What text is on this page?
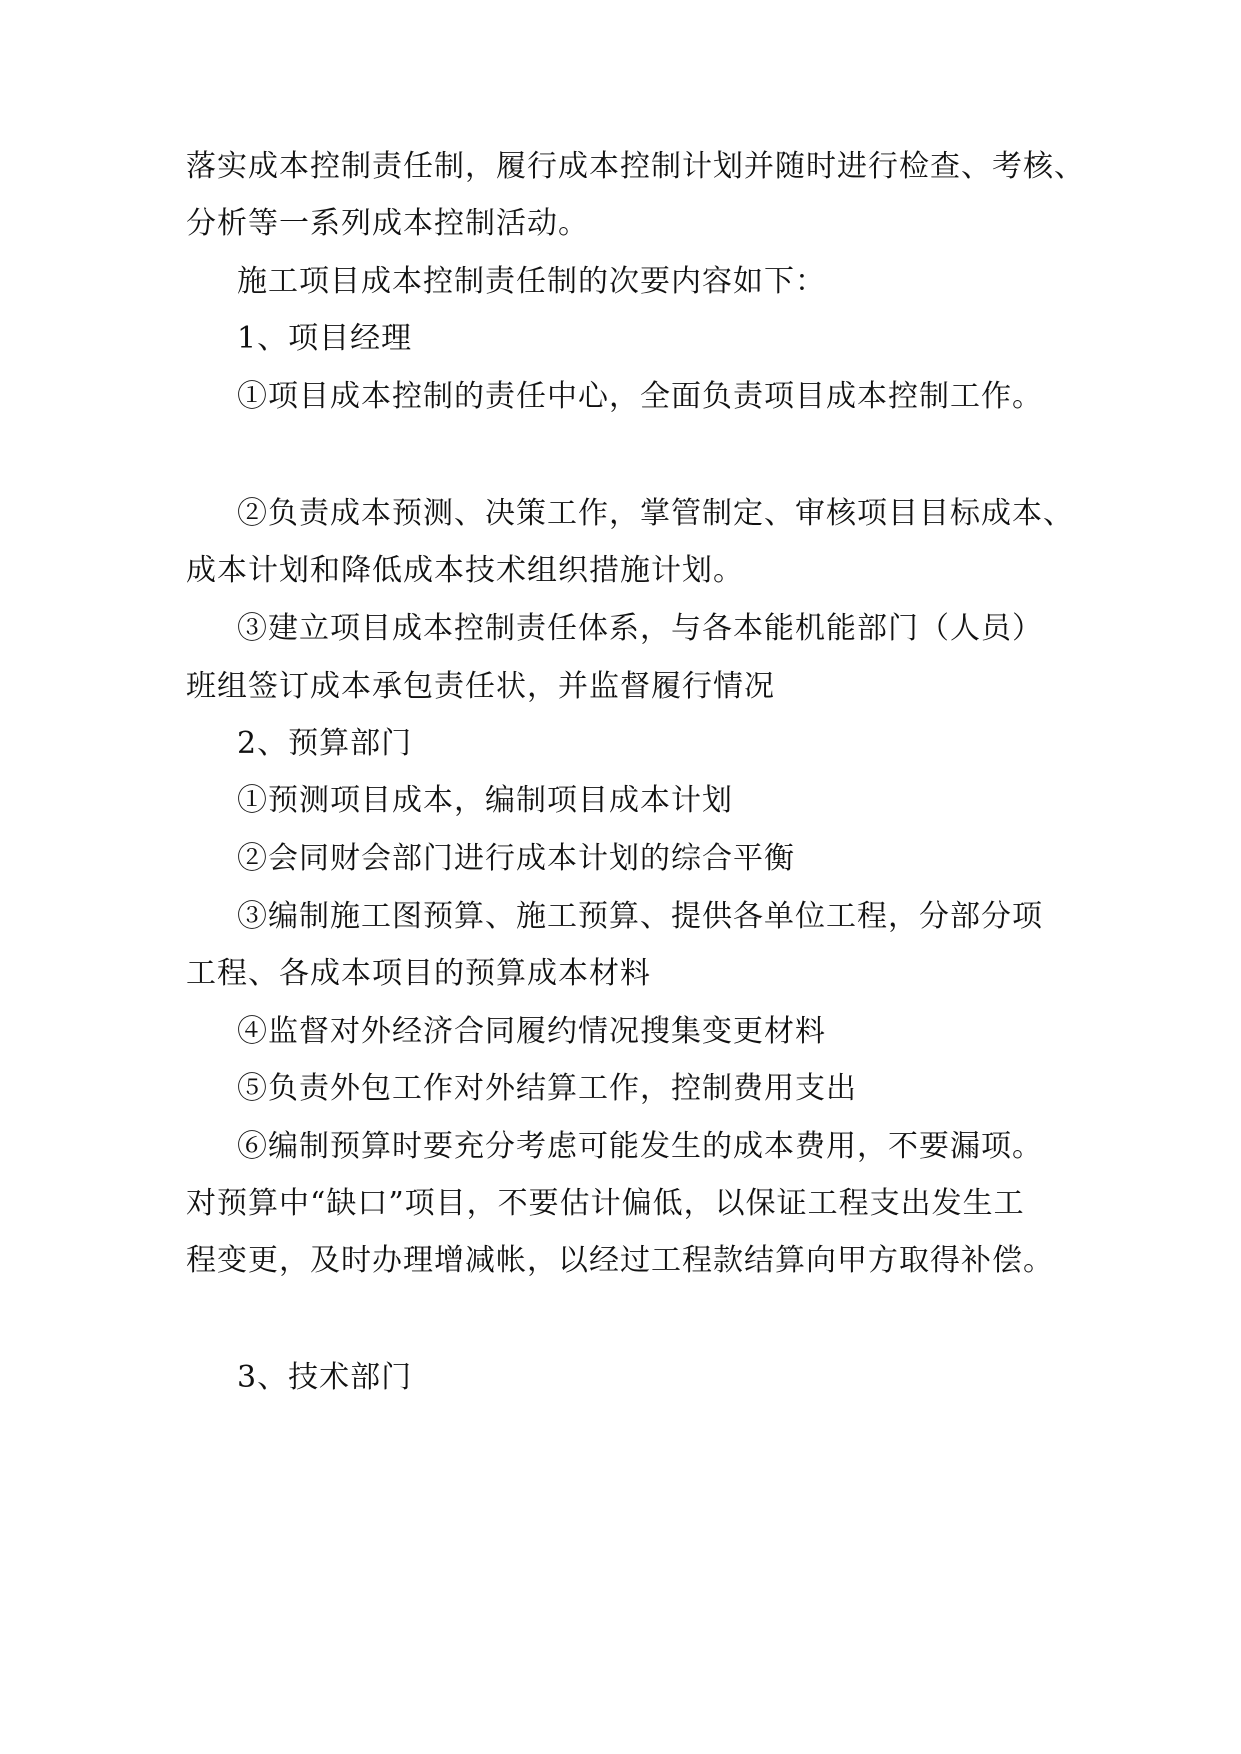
落实成本控制责任制，履行成本控制计划并随时进行检查、考核、
分析等一系列成本控制活动。
施工项目成本控制责任制的次要内容如下：
1、项目经理
①项目成本控制的责任中心，全面负责项目成本控制工作。
②负责成本预测、决策工作，掌管制定、审核项目目标成本、
成本计划和降低成本技术组织措施计划。
③建立项目成本控制责任体系，与各本能机能部门（人员）
班组签订成本承包责任状，并监督履行情况
2、预算部门
①预测项目成本，编制项目成本计划
②会同财会部门进行成本计划的综合平衡
③编制施工图预算、施工预算、提供各单位工程，分部分项
工程、各成本项目的预算成本材料
④监督对外经济合同履约情况搜集变更材料
⑤负责外包工作对外结算工作，控制费用支出
⑥编制预算时要充分考虑可能发生的成本费用，不要漏项。
对预算中“缺口”项目，不要估计偏低，以保证工程支出发生工
程变更，及时办理增减帐，以经过工程款结算向甲方取得补偿。
3、技术部门
